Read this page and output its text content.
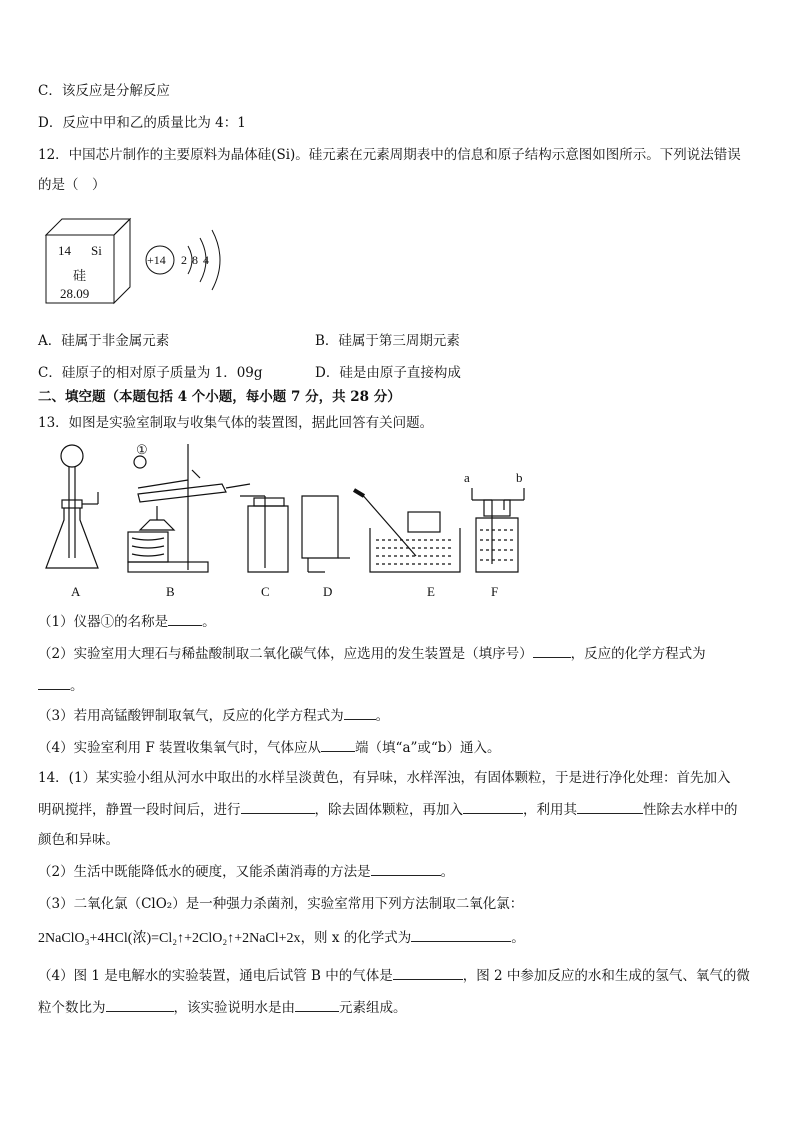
C．该反应是分解反应
D．反应中甲和乙的质量比为 4：1
12．中国芯片制作的主要原料为晶体硅(Si)。硅元素在元素周期表中的信息和原子结构示意图如图所示。下列说法错误
的是（　）
14 Si
硅
28.09
+14 2 8 4
A．硅属于非金属元素	B．硅属于第三周期元素
C．硅原子的相对原子质量为 1．09g	D．硅是由原子直接构成
二、填空题（本题包括 4 个小题，每小题 7 分，共 28 分）
13．如图是实验室制取与收集气体的装置图，据此回答有关问题。
①
a	b
A	B	C	D	E	F
（1）仪器①的名称是	。
（2）实验室用大理石与稀盐酸制取二氧化碳气体，应选用的发生装置是（填序号）	，反应的化学方程式为
。
（3）若用高锰酸钾制取氧气，反应的化学方程式为 。
（4）实验室利用 F 装置收集氧气时，气体应从	端（填“a”或“b）通入。
14．(1）某实验小组从河水中取出的水样呈淡黄色，有异味，水样浑浊，有固体颗粒，于是进行净化处理：首先加入
明矾搅拌，静置一段时间后，进行	，除去固体颗粒，再加入	，利用其	性除去水样中的
颜色和异味。
（2）生活中既能降低水的硬度，又能杀菌消毒的方法是	。
（3）二氧化氯（ClO₂）是一种强力杀菌剂，实验室常用下列方法制取二氧化氯：
2NaClO₃+4HCl(浓)=Cl₂↑+2ClO₂↑+2NaCl+2x，则 x 的化学式为	。
（4）图 1 是电解水的实验装置，通电后试管 B 中的气体是	，图 2 中参加反应的水和生成的氢气、氧气的微
粒个数比为	，该实验说明水是由	元素组成。
